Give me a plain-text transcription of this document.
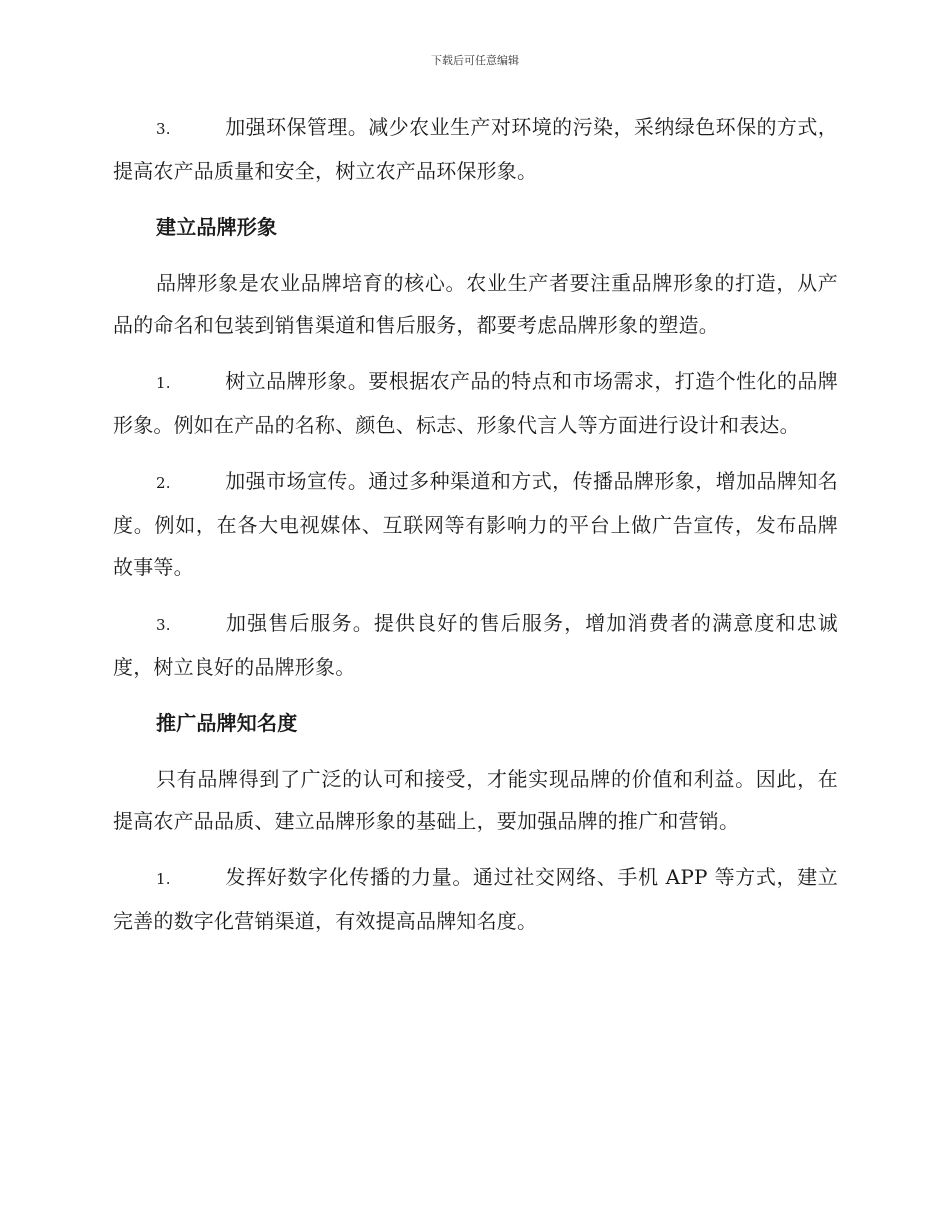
下载后可任意编辑

3.	加强环保管理。减少农业生产对环境的污染，采纳绿色环保的方式，提高农产品质量和安全，树立农产品环保形象。

建立品牌形象

品牌形象是农业品牌培育的核心。农业生产者要注重品牌形象的打造，从产品的命名和包装到销售渠道和售后服务，都要考虑品牌形象的塑造。

1.	树立品牌形象。要根据农产品的特点和市场需求，打造个性化的品牌形象。例如在产品的名称、颜色、标志、形象代言人等方面进行设计和表达。

2.	加强市场宣传。通过多种渠道和方式，传播品牌形象，增加品牌知名度。例如，在各大电视媒体、互联网等有影响力的平台上做广告宣传，发布品牌故事等。

3.	加强售后服务。提供良好的售后服务，增加消费者的满意度和忠诚度，树立良好的品牌形象。

推广品牌知名度

只有品牌得到了广泛的认可和接受，才能实现品牌的价值和利益。因此，在提高农产品品质、建立品牌形象的基础上，要加强品牌的推广和营销。

1.	发挥好数字化传播的力量。通过社交网络、手机 APP 等方式，建立完善的数字化营销渠道，有效提高品牌知名度。
